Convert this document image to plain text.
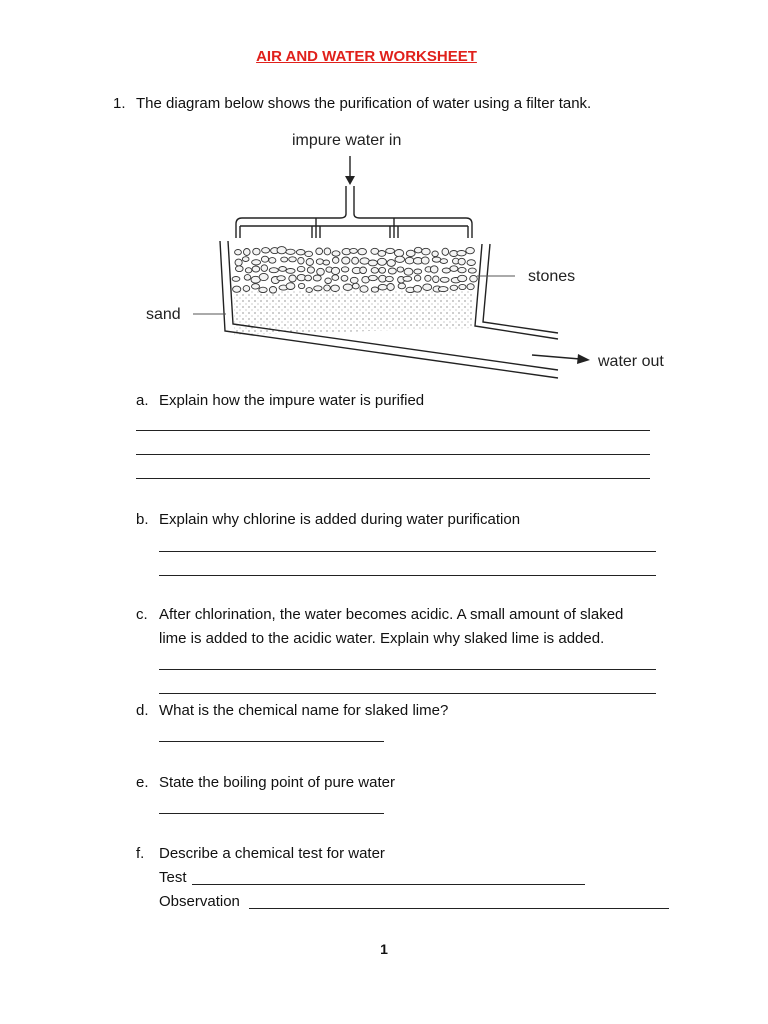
AIR AND WATER WORKSHEET
1. The diagram below shows the purification of water using a filter tank.
impure water in
stones
sand
water out
a. Explain how the impure water is purified
b. Explain why chlorine is added during water purification
c. After chlorination, the water becomes acidic. A small amount of slaked
lime is added to the acidic water. Explain why slaked lime is added.
d. What is the chemical name for slaked lime?
e. State the boiling point of pure water
f. Describe a chemical test for water
Test
Observation
1
